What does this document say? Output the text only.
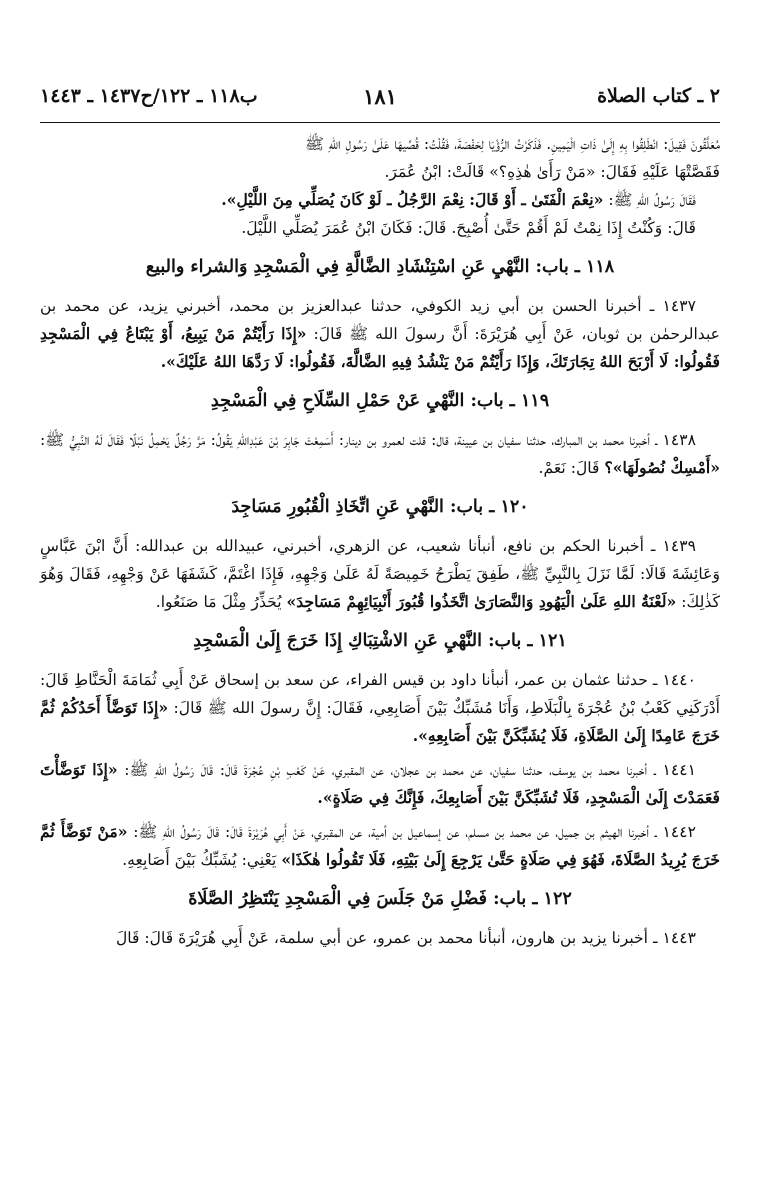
٢ ـ كتاب الصلاة
١٨١
ب١١٨ ـ ١٢٢/ح١٤٣٧ ـ ١٤٤٣

مُعَلَّقُونَ فَقِيلَ: انْطَلِقُوا بِهِ إِلَىٰ ذَاتِ الْيَمِينِ. فَذَكَرْتُ الرُّؤْيَا لِحَفْصَةَ، فَقُلْتُ: قُصِّيهَا عَلَىٰ رَسُولِ اللهِ ﷺ

فَقَصَّتْهَا عَلَيْهِ فَقَالَ: «مَنْ رَأَىٰ هٰذِهِ؟» قَالَتْ: ابْنُ عُمَرَ.

فَقَالَ رَسُولُ اللهِ ﷺ: «نِعْمَ الْفَتَىٰ ـ أَوْ قَالَ: نِعْمَ الرَّجُلُ ـ لَوْ كَانَ يُصَلِّي مِنَ اللَّيْلِ».

قَالَ: وَكُنْتُ إِذَا نِمْتُ لَمْ أَقُمْ حَتَّىٰ أُصْبِحَ. قَالَ: فَكَانَ ابْنُ عُمَرَ يُصَلِّي اللَّيْلَ.

١١٨ ـ باب: النَّهْيِ عَنِ اسْتِنْشَادِ الضَّالَّةِ فِي الْمَسْجِدِ وَالشراء والبيع

١٤٣٧ ـ أخبرنا الحسن بن أبي زيد الكوفي، حدثنا عبدالعزيز بن محمد، أخبرني يزيد، عن محمد بن عبدالرحمٰن بن ثوبان، عَنْ أَبِي هُرَيْرَةَ: أَنَّ رسولَ الله ﷺ قَالَ: «إِذَا رَأَيْتُمْ مَنْ يَبِيعُ، أَوْ يَبْتَاعُ فِي الْمَسْجِدِ فَقُولُوا: لَا أَرْبَحَ اللهُ تِجَارَتَكَ، وَإِذَا رَأَيْتُمْ مَنْ يَنْشُدُ فِيهِ الضَّالَّةَ، فَقُولُوا: لَا رَدَّهَا اللهُ عَلَيْكَ».

١١٩ ـ باب: النَّهْيِ عَنْ حَمْلِ السِّلَاحِ فِي الْمَسْجِدِ

١٤٣٨ ـ أخبرنا محمد بن المبارك، حدثنا سفيان بن عيينة، قال: قلت لعمرو بن دينار: أَسَمِعْتَ جَابِرَ بْنَ عَبْدِاللهِ يَقُولُ: مَرَّ رَجُلٌ يَحْمِلُ نَبْلًا فَقَالَ لَهُ النَّبِيُّ ﷺ: «أَمْسِكْ نُصُولَهَا»؟ قَالَ: نَعَمْ.

١٢٠ ـ باب: النَّهْيِ عَنِ اتِّخَاذِ الْقُبُورِ مَسَاجِدَ

١٤٣٩ ـ أخبرنا الحكم بن نافع، أنبأنا شعيب، عن الزهري، أخبرني، عبيدالله بن عبدالله: أَنَّ ابْنَ عَبَّاسٍ وَعَائِشَةَ قَالَا: لَمَّا نَزَلَ بِالنَّبِيِّ ﷺ، طَفِقَ يَطْرَحُ خَمِيصَةً لَهُ عَلَىٰ وَجْهِهِ، فَإِذَا اغْتَمَّ، كَشَفَهَا عَنْ وَجْهِهِ، فَقَالَ وَهُوَ كَذٰلِكَ: «لَعْنَةُ اللهِ عَلَىٰ الْيَهُودِ وَالنَّصَارَىٰ اتَّخَذُوا قُبُورَ أَنْبِيَائِهِمْ مَسَاجِدَ» يُحَذِّرُ مِثْلَ مَا صَنَعُوا.

١٢١ ـ باب: النَّهْيِ عَنِ الاشْتِبَاكِ إِذَا خَرَجَ إِلَىٰ الْمَسْجِدِ

١٤٤٠ ـ حدثنا عثمان بن عمر، أنبأنا داود بن قيس الفراء، عن سعد بن إسحاق عَنْ أَبِي ثُمَامَةَ الْحَنَّاطِ قَالَ: أَدْرَكَنِي كَعْبُ بْنُ عُجْرَةَ بِالْبَلَاطِ، وَأَنَا مُشَبِّكٌ بَيْنَ أَصَابِعِي، فَقَالَ: إِنَّ رسولَ الله ﷺ قَالَ: «إِذَا تَوَضَّأَ أَحَدُكُمْ ثُمَّ خَرَجَ عَامِدًا إِلَىٰ الصَّلَاةِ، فَلَا يُشَبِّكَنَّ بَيْنَ أَصَابِعِهِ».

١٤٤١ ـ أخبرنا محمد بن يوسف، حدثنا سفيان، عن محمد بن عجلان، عن المقبري، عَنْ كَعْبِ بْنِ عُجْرَةَ قَالَ: قَالَ رَسُولُ اللهِ ﷺ: «إِذَا تَوَضَّأْتَ فَعَمَدْتَ إِلَىٰ الْمَسْجِدِ، فَلَا تُشَبِّكَنَّ بَيْنَ أَصَابِعِكَ، فَإِنَّكَ فِي صَلَاةٍ».

١٤٤٢ ـ أخبرنا الهيثم بن جميل، عن محمد بن مسلم، عن إسماعيل بن أمية، عن المقبري، عَنْ أَبِي هُرَيْرَةَ قَالَ: قَالَ رَسُولُ اللهِ ﷺ: «مَنْ تَوَضَّأَ ثُمَّ خَرَجَ يُرِيدُ الصَّلَاةَ، فَهُوَ فِي صَلَاةٍ حَتَّىٰ يَرْجِعَ إِلَىٰ بَيْتِهِ، فَلَا تَقُولُوا هٰكَذَا» يَعْنِي: يُشَبِّكُ بَيْنَ أَصَابِعِهِ.

١٢٢ ـ باب: فَضْلِ مَنْ جَلَسَ فِي الْمَسْجِدِ يَنْتَظِرُ الصَّلَاةَ

١٤٤٣ ـ أخبرنا يزيد بن هارون، أنبأنا محمد بن عمرو، عن أبي سلمة، عَنْ أَبِي هُرَيْرَةَ قَالَ: قَالَ
